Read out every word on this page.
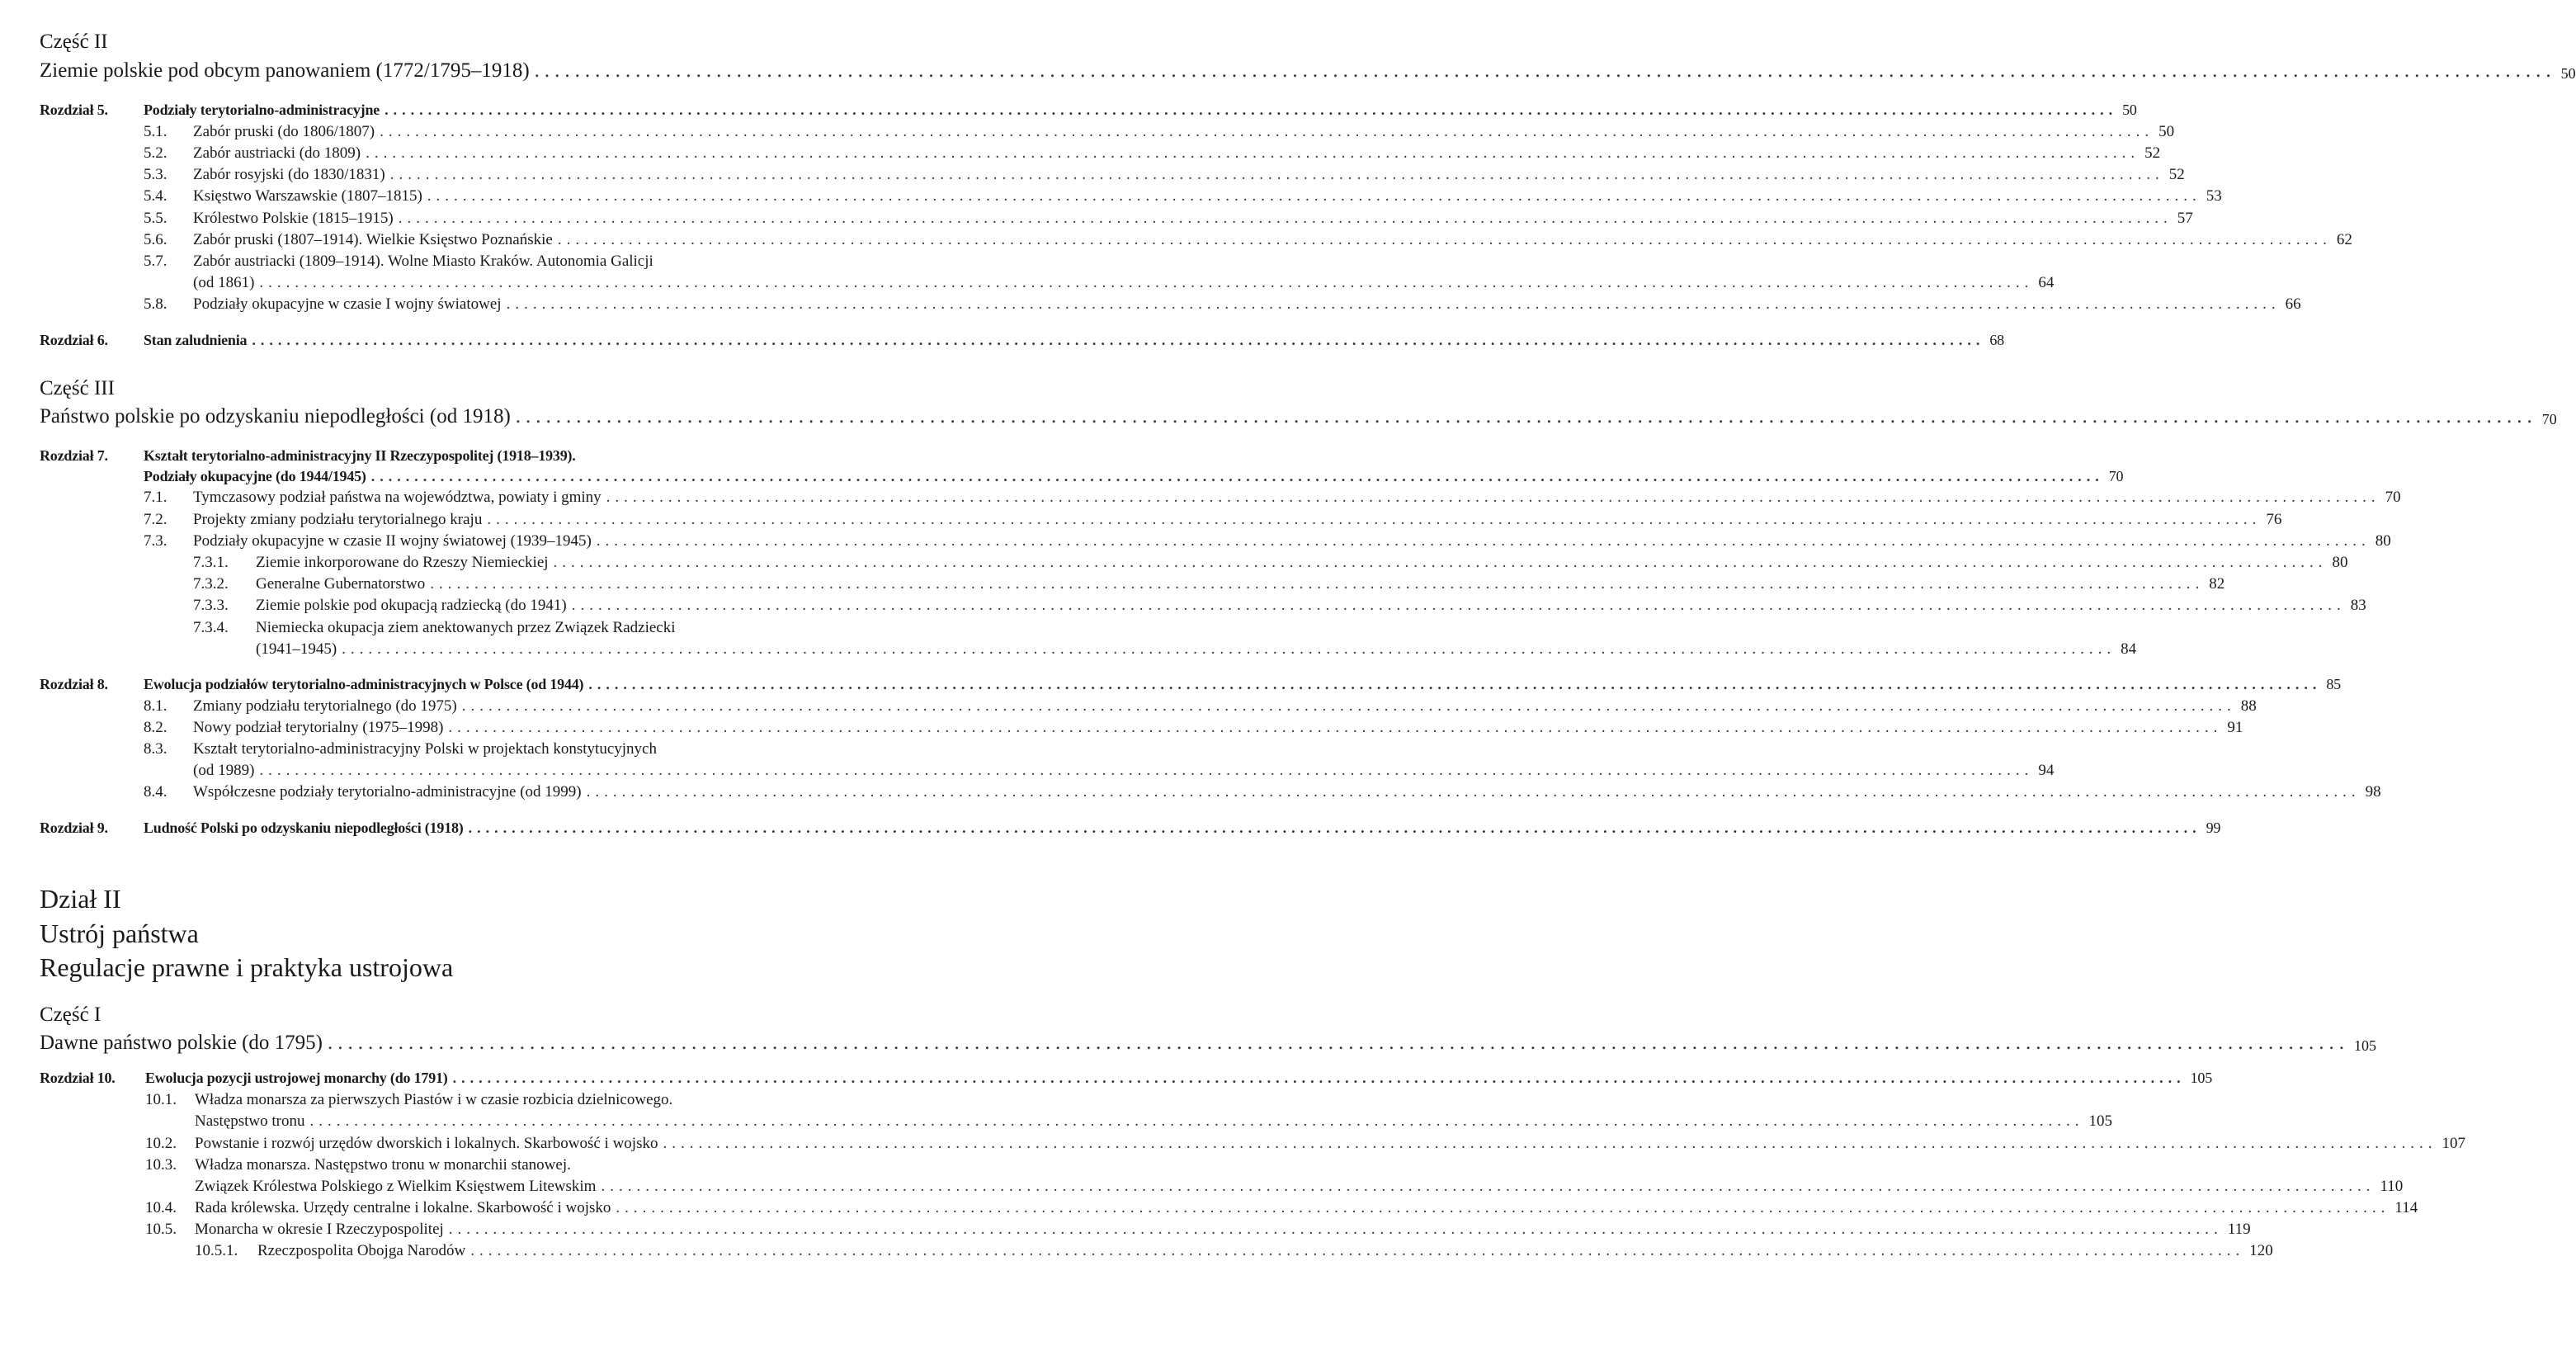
Część II
Ziemie polskie pod obcym panowaniem (1772/1795–1918) ........................................................................................................................................................................................................ 50
Rozdział 5. Podziały terytorialno-administracyjne ........................................................................................................................................................................................................ 50
5.1. Zabór pruski (do 1806/1807) ........................................................................................................................................................................................................ 50
5.2. Zabór austriacki (do 1809) ........................................................................................................................................................................................................ 52
5.3. Zabór rosyjski (do 1830/1831) ........................................................................................................................................................................................................ 52
5.4. Księstwo Warszawskie (1807–1815) ........................................................................................................................................................................................................ 53
5.5. Królestwo Polskie (1815–1915) ........................................................................................................................................................................................................ 57
5.6. Zabór pruski (1807–1914). Wielkie Księstwo Poznańskie ........................................................................................................................................................................................................ 62
5.7. Zabór austriacki (1809–1914). Wolne Miasto Kraków. Autonomia Galicji
(od 1861) ........................................................................................................................................................................................................ 64
5.8. Podziały okupacyjne w czasie I wojny światowej ........................................................................................................................................................................................................ 66
Rozdział 6. Stan zaludnienia ........................................................................................................................................................................................................ 68
Część III
Państwo polskie po odzyskaniu niepodległości (od 1918) ........................................................................................................................................................................................................ 70
Rozdział 7. Kształt terytorialno-administracyjny II Rzeczypospolitej (1918–1939).
Podziały okupacyjne (do 1944/1945) ........................................................................................................................................................................................................ 70
7.1. Tymczasowy podział państwa na województwa, powiaty i gminy ........................................................................................................................................................................................................ 70
7.2. Projekty zmiany podziału terytorialnego kraju ........................................................................................................................................................................................................ 76
7.3. Podziały okupacyjne w czasie II wojny światowej (1939–1945) ........................................................................................................................................................................................................ 80
7.3.1. Ziemie inkorporowane do Rzeszy Niemieckiej ........................................................................................................................................................................................................ 80
7.3.2. Generalne Gubernatorstwo ........................................................................................................................................................................................................ 82
7.3.3. Ziemie polskie pod okupacją radziecką (do 1941) ........................................................................................................................................................................................................ 83
7.3.4. Niemiecka okupacja ziem anektowanych przez Związek Radziecki
(1941–1945) ........................................................................................................................................................................................................ 84
Rozdział 8. Ewolucja podziałów terytorialno-administracyjnych w Polsce (od 1944) ........................................................................................................................................................................................................ 85
8.1. Zmiany podziału terytorialnego (do 1975) ........................................................................................................................................................................................................ 88
8.2. Nowy podział terytorialny (1975–1998) ........................................................................................................................................................................................................ 91
8.3. Kształt terytorialno-administracyjny Polski w projektach konstytucyjnych
(od 1989) ........................................................................................................................................................................................................ 94
8.4. Współczesne podziały terytorialno-administracyjne (od 1999) ........................................................................................................................................................................................................ 98
Rozdział 9. Ludność Polski po odzyskaniu niepodległości (1918) ........................................................................................................................................................................................................ 99
Dział II
Ustrój państwa
Regulacje prawne i praktyka ustrojowa
Część I
Dawne państwo polskie (do 1795) ........................................................................................................................................................................................................ 105
Rozdział 10. Ewolucja pozycji ustrojowej monarchy (do 1791) ........................................................................................................................................................................................................ 105
10.1. Władza monarsza za pierwszych Piastów i w czasie rozbicia dzielnicowego.
Następstwo tronu ........................................................................................................................................................................................................ 105
10.2. Powstanie i rozwój urzędów dworskich i lokalnych. Skarbowość i wojsko ........................................................................................................................................................................................................ 107
10.3. Władza monarsza. Następstwo tronu w monarchii stanowej.
Związek Królestwa Polskiego z Wielkim Księstwem Litewskim ........................................................................................................................................................................................................ 110
10.4. Rada królewska. Urzędy centralne i lokalne. Skarbowość i wojsko ........................................................................................................................................................................................................ 114
10.5. Monarcha w okresie I Rzeczypospolitej ........................................................................................................................................................................................................ 119
10.5.1. Rzeczpospolita Obojga Narodów ........................................................................................................................................................................................................ 120
